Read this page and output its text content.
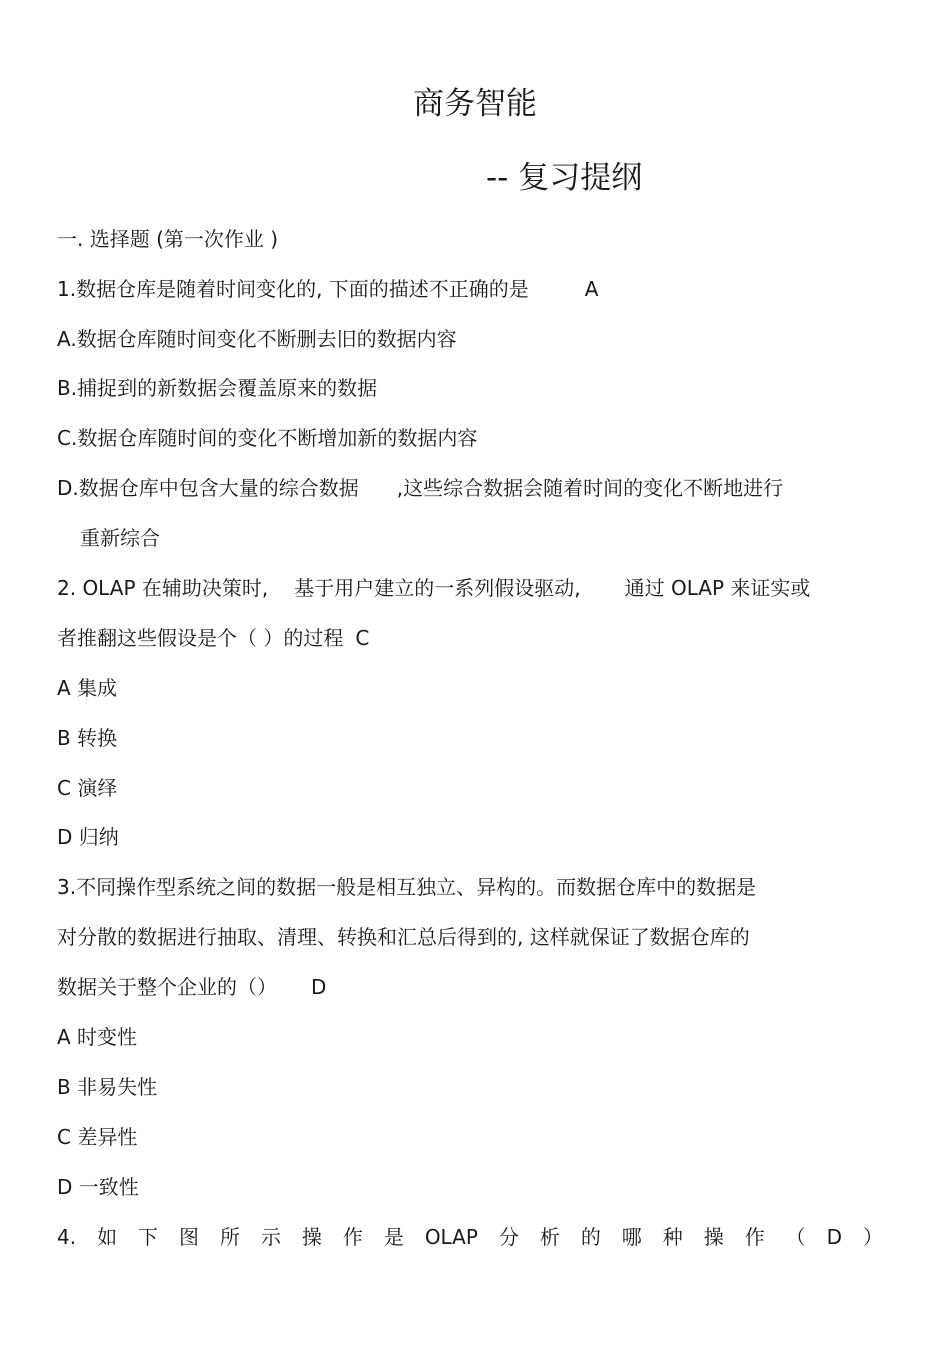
商务智能
-- 复习提纲
一. 选择题 (第一次作业 )
1.数据仓库是随着时间变化的, 下面的描述不正确的是	A
A.数据仓库随时间变化不断删去旧的数据内容
B.捕捉到的新数据会覆盖原来的数据
C.数据仓库随时间的变化不断增加新的数据内容
D.数据仓库中包含大量的综合数据 ,这些综合数据会随着时间的变化不断地进行
重新综合
2. OLAP 在辅助决策时, 基于用户建立的一系列假设驱动, 通过 OLAP 来证实或
者推翻这些假设是个（ ）的过程 C
A 集成
B 转换
C 演绎
D 归纳
3.不同操作型系统之间的数据一般是相互独立、异构的。而数据仓库中的数据是
对分散的数据进行抽取、清理、转换和汇总后得到的, 这样就保证了数据仓库的
数据关于整个企业的（） D
A 时变性
B 非易失性
C 差异性
D 一致性
4. 如 下 图 所 示 操 作 是 OLAP 分 析 的 哪 种 操 作 （ D ）
